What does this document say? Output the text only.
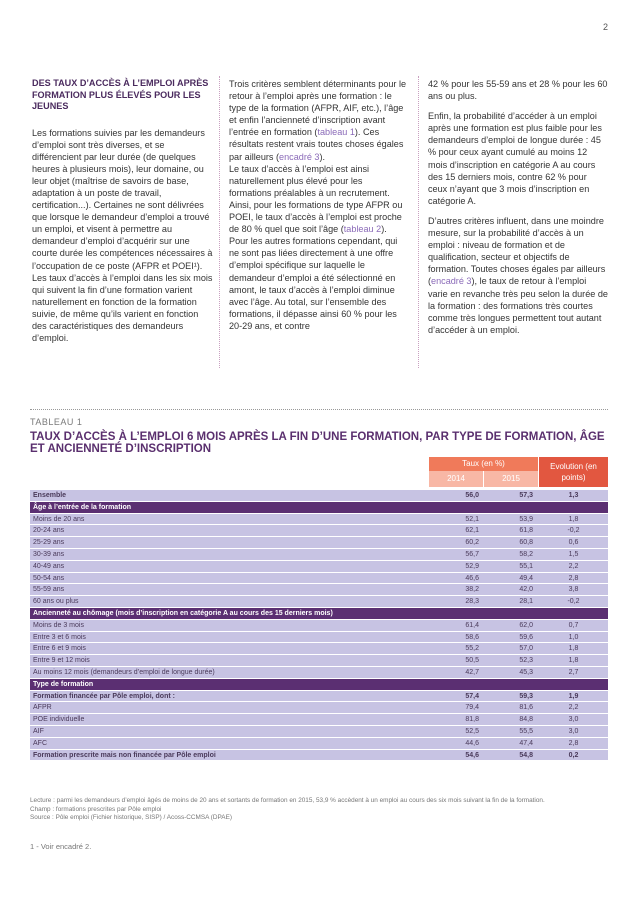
2
DES TAUX D’ACCÈS À L’EMPLOI APRÈS FORMATION PLUS ÉLEVÉS POUR LES JEUNES

Les formations suivies par les demandeurs d’emploi sont très diverses, et se différencient par leur durée (de quelques heures à plusieurs mois), leur domaine, ou leur objet (maîtrise de savoirs de base, adaptation à un poste de travail, certification...). Certaines ne sont délivrées que lorsque le demandeur d’emploi a trouvé un emploi, et visent à permettre au demandeur d’emploi d’acquérir sur une courte durée les compétences nécessaires à l’occupation de ce poste (AFPR et POEI¹). Les taux d’accès à l’emploi dans les six mois qui suivent la fin d’une formation varient naturellement en fonction de la formation suivie, de même qu’ils varient en fonction des caractéristiques des demandeurs d’emploi.

Trois critères semblent déterminants pour le retour à l’emploi après une formation : le type de la formation (AFPR, AIF, etc.), l’âge et enfin l’ancienneté d’inscription avant l’entrée en formation (tableau 1). Ces résultats restent vrais toutes choses égales par ailleurs (encadré 3).
Le taux d’accès à l’emploi est ainsi naturellement plus élevé pour les formations préalables à un recrutement. Ainsi, pour les formations de type AFPR ou POEI, le taux d’accès à l’emploi est proche de 80 % quel que soit l’âge (tableau 2).
Pour les autres formations cependant, qui ne sont pas liées directement à une offre d’emploi spécifique sur laquelle le demandeur d’emploi a été sélectionné en amont, le taux d’accès à l’emploi diminue avec l’âge. Au total, sur l’ensemble des formations, il dépasse ainsi 60 % pour les 20-29 ans, et contre

42 % pour les 55-59 ans et 28 % pour les 60 ans ou plus.

Enfin, la probabilité d’accéder à un emploi après une formation est plus faible pour les demandeurs d’emploi de longue durée : 45 % pour ceux ayant cumulé au moins 12 mois d’inscription en catégorie A au cours des 15 derniers mois, contre 62 % pour ceux n’ayant que 3 mois d’inscription en catégorie A.

D’autres critères influent, dans une moindre mesure, sur la probabilité d’accès à un emploi : niveau de formation et de qualification, secteur et objectifs de formation. Toutes choses égales par ailleurs (encadré 3), le taux de retour à l’emploi varie en revanche très peu selon la durée de la formation : des formations très courtes comme très longues permettent tout autant d’accéder à un emploi.

TABLEAU 1
TAUX D’ACCÈS À L’EMPLOI 6 MOIS APRÈS LA FIN D’UNE FORMATION, PAR TYPE DE FORMATION, ÂGE ET ANCIENNETÉ D’INSCRIPTION
Taux (en %)
2014	2015
Evolution (en points)
Ensemble	56,0	57,3	1,3
Âge à l’entrée de la formation
Moins de 20 ans	52,1	53,9	1,8
20-24 ans	62,1	61,8	-0,2
25-29 ans	60,2	60,8	0,6
30-39 ans	56,7	58,2	1,5
40-49 ans	52,9	55,1	2,2
50-54 ans	46,6	49,4	2,8
55-59 ans	38,2	42,0	3,8
60 ans ou plus	28,3	28,1	-0,2
Ancienneté au chômage (mois d’inscription en catégorie A au cours des 15 derniers mois)
Moins de 3 mois	61,4	62,0	0,7
Entre 3 et 6 mois	58,6	59,6	1,0
Entre 6 et 9 mois	55,2	57,0	1,8
Entre 9 et 12 mois	50,5	52,3	1,8
Au moins 12 mois (demandeurs d’emploi de longue durée)	42,7	45,3	2,7
Type de formation
Formation financée par Pôle emploi, dont :	57,4	59,3	1,9
AFPR	79,4	81,6	2,2
POE individuelle	81,8	84,8	3,0
AIF	52,5	55,5	3,0
AFC	44,6	47,4	2,8
Formation prescrite mais non financée par Pôle emploi	54,6	54,8	0,2
Lecture : parmi les demandeurs d’emploi âgés de moins de 20 ans et sortants de formation en 2015, 53,9 % accèdent à un emploi au cours des six mois suivant la fin de la formation.
Champ : formations prescrites par Pôle emploi
Source : Pôle emploi (Fichier historique, SISP) / Acoss-CCMSA (DPAE)
1 - Voir encadré 2.
